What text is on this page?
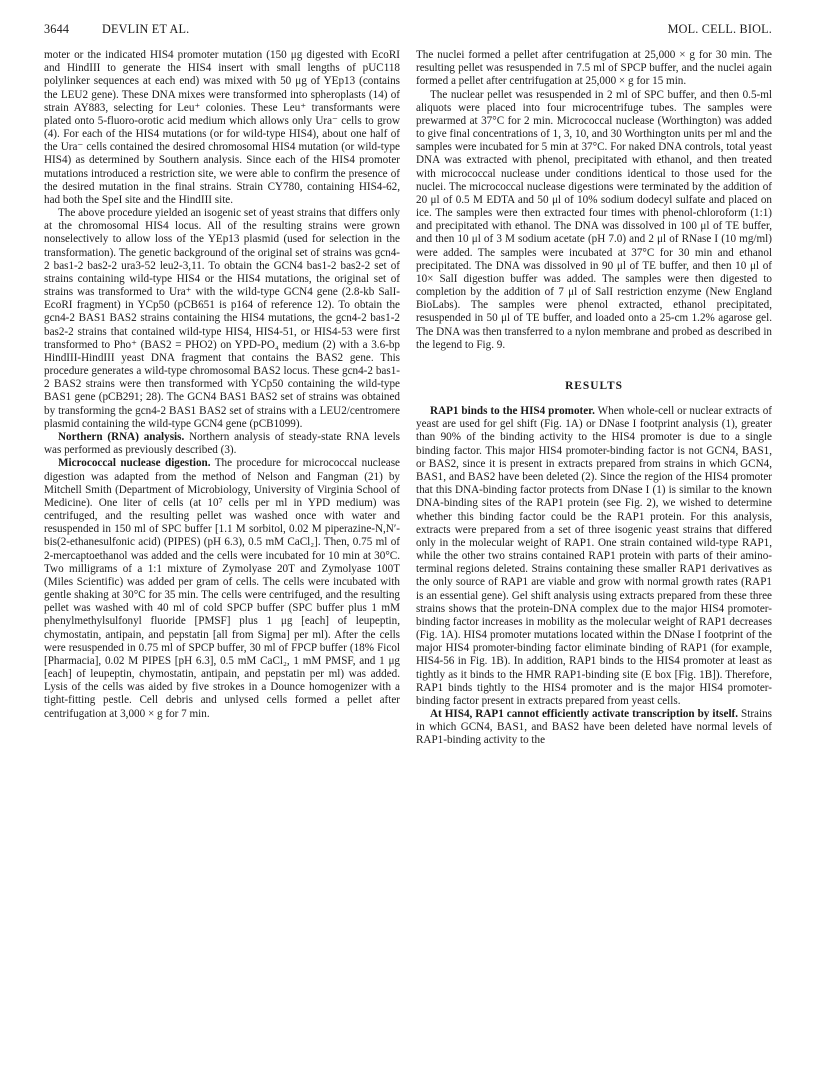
3644	DEVLIN ET AL.	MOL. CELL. BIOL.

moter or the indicated HIS4 promoter mutation (150 μg digested with EcoRI and HindIII to generate the HIS4 insert with small lengths of pUC118 polylinker sequences at each end) was mixed with 50 μg of YEp13 (contains the LEU2 gene). These DNA mixes were transformed into spheroplasts (14) of strain AY883, selecting for Leu⁺ colonies. These Leu⁺ transformants were plated onto 5-fluoro-orotic acid medium which allows only Ura⁻ cells to grow (4). For each of the HIS4 mutations (or for wild-type HIS4), about one half of the Ura⁻ cells contained the desired chromosomal HIS4 mutation (or wild-type HIS4) as determined by Southern analysis. Since each of the HIS4 promoter mutations introduced a restriction site, we were able to confirm the presence of the desired mutation in the final strains. Strain CY780, containing HIS4-62, had both the SpeI site and the HindIII site.

The above procedure yielded an isogenic set of yeast strains that differs only at the chromosomal HIS4 locus. All of the resulting strains were grown nonselectively to allow loss of the YEp13 plasmid (used for selection in the transformation). The genetic background of the original set of strains was gcn4-2 bas1-2 bas2-2 ura3-52 leu2-3,11. To obtain the GCN4 bas1-2 bas2-2 set of strains containing wild-type HIS4 or the HIS4 mutations, the original set of strains was transformed to Ura⁺ with the wild-type GCN4 gene (2.8-kb SalI-EcoRI fragment) in YCp50 (pCB651 is p164 of reference 12). To obtain the gcn4-2 BAS1 BAS2 strains containing the HIS4 mutations, the gcn4-2 bas1-2 bas2-2 strains that contained wild-type HIS4, HIS4-51, or HIS4-53 were first transformed to Pho⁺ (BAS2 = PHO2) on YPD-PO₄ medium (2) with a 3.6-bp HindIII-HindIII yeast DNA fragment that contains the BAS2 gene. This procedure generates a wild-type chromosomal BAS2 locus. These gcn4-2 bas1-2 BAS2 strains were then transformed with YCp50 containing the wild-type BAS1 gene (pCB291; 28). The GCN4 BAS1 BAS2 set of strains was obtained by transforming the gcn4-2 BAS1 BAS2 set of strains with a LEU2/centromere plasmid containing the wild-type GCN4 gene (pCB1099).

Northern (RNA) analysis. Northern analysis of steady-state RNA levels was performed as previously described (3).

Micrococcal nuclease digestion. The procedure for micrococcal nuclease digestion was adapted from the method of Nelson and Fangman (21) by Mitchell Smith (Department of Microbiology, University of Virginia School of Medicine). One liter of cells (at 10⁷ cells per ml in YPD medium) was centrifuged, and the resulting pellet was washed once with water and resuspended in 150 ml of SPC buffer [1.1 M sorbitol, 0.02 M piperazine-N,N′-bis(2-ethanesulfonic acid) (PIPES) (pH 6.3), 0.5 mM CaCl₂]. Then, 0.75 ml of 2-mercaptoethanol was added and the cells were incubated for 10 min at 30°C. Two milligrams of a 1:1 mixture of Zymolyase 20T and Zymolyase 100T (Miles Scientific) was added per gram of cells. The cells were incubated with gentle shaking at 30°C for 35 min. The cells were centrifuged, and the resulting pellet was washed with 40 ml of cold SPCP buffer (SPC buffer plus 1 mM phenylmethylsulfonyl fluoride [PMSF] plus 1 μg [each] of leupeptin, chymostatin, antipain, and pepstatin [all from Sigma] per ml). After the cells were resuspended in 0.75 ml of SPCP buffer, 30 ml of FPCP buffer (18% Ficol [Pharmacia], 0.02 M PIPES [pH 6.3], 0.5 mM CaCl₂, 1 mM PMSF, and 1 μg [each] of leupeptin, chymostatin, antipain, and pepstatin per ml) was added. Lysis of the cells was aided by five strokes in a Dounce homogenizer with a tight-fitting pestle. Cell debris and unlysed cells formed a pellet after centrifugation at 3,000 × g for 7 min.

The nuclei formed a pellet after centrifugation at 25,000 × g for 30 min. The resulting pellet was resuspended in 7.5 ml of SPCP buffer, and the nuclei again formed a pellet after centrifugation at 25,000 × g for 15 min.

The nuclear pellet was resuspended in 2 ml of SPC buffer, and then 0.5-ml aliquots were placed into four microcentrifuge tubes. The samples were prewarmed at 37°C for 2 min. Micrococcal nuclease (Worthington) was added to give final concentrations of 1, 3, 10, and 30 Worthington units per ml and the samples were incubated for 5 min at 37°C. For naked DNA controls, total yeast DNA was extracted with phenol, precipitated with ethanol, and then treated with micrococcal nuclease under conditions identical to those used for the nuclei. The micrococcal nuclease digestions were terminated by the addition of 20 μl of 0.5 M EDTA and 50 μl of 10% sodium dodecyl sulfate and placed on ice. The samples were then extracted four times with phenol-chloroform (1:1) and precipitated with ethanol. The DNA was dissolved in 100 μl of TE buffer, and then 10 μl of 3 M sodium acetate (pH 7.0) and 2 μl of RNase I (10 mg/ml) were added. The samples were incubated at 37°C for 30 min and ethanol precipitated. The DNA was dissolved in 90 μl of TE buffer, and then 10 μl of 10× SalI digestion buffer was added. The samples were then digested to completion by the addition of 7 μl of SalI restriction enzyme (New England BioLabs). The samples were phenol extracted, ethanol precipitated, resuspended in 50 μl of TE buffer, and loaded onto a 25-cm 1.2% agarose gel. The DNA was then transferred to a nylon membrane and probed as described in the legend to Fig. 9.

RESULTS

RAP1 binds to the HIS4 promoter. When whole-cell or nuclear extracts of yeast are used for gel shift (Fig. 1A) or DNase I footprint analysis (1), greater than 90% of the binding activity to the HIS4 promoter is due to a single binding factor. This major HIS4 promoter-binding factor is not GCN4, BAS1, or BAS2, since it is present in extracts prepared from strains in which GCN4, BAS1, and BAS2 have been deleted (2). Since the region of the HIS4 promoter that this DNA-binding factor protects from DNase I (1) is similar to the known DNA-binding sites of the RAP1 protein (see Fig. 2), we wished to determine whether this binding factor could be the RAP1 protein. For this analysis, extracts were prepared from a set of three isogenic yeast strains that differed only in the molecular weight of RAP1. One strain contained wild-type RAP1, while the other two strains contained RAP1 protein with parts of their amino-terminal regions deleted. Strains containing these smaller RAP1 derivatives as the only source of RAP1 are viable and grow with normal growth rates (RAP1 is an essential gene). Gel shift analysis using extracts prepared from these three strains shows that the protein-DNA complex due to the major HIS4 promoter-binding factor increases in mobility as the molecular weight of RAP1 decreases (Fig. 1A). HIS4 promoter mutations located within the DNase I footprint of the major HIS4 promoter-binding factor eliminate binding of RAP1 (for example, HIS4-56 in Fig. 1B). In addition, RAP1 binds to the HIS4 promoter at least as tightly as it binds to the HMR RAP1-binding site (E box [Fig. 1B]). Therefore, RAP1 binds tightly to the HIS4 promoter and is the major HIS4 promoter-binding factor present in extracts prepared from yeast cells.

At HIS4, RAP1 cannot efficiently activate transcription by itself. Strains in which GCN4, BAS1, and BAS2 have been deleted have normal levels of RAP1-binding activity to the
